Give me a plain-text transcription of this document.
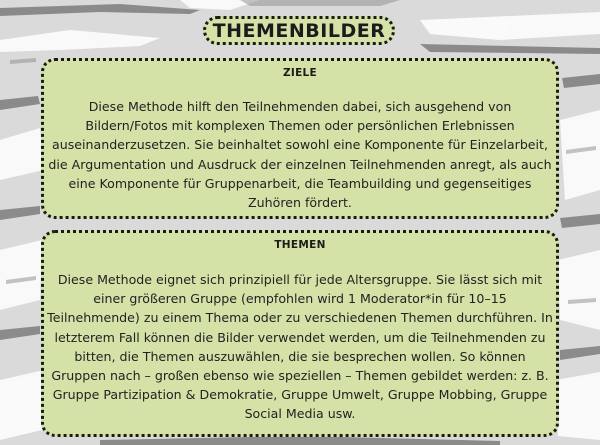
THEMENBILDER
ZIELE
Diese Methode hilft den Teilnehmenden dabei, sich ausgehend von Bildern/Fotos mit komplexen Themen oder persönlichen Erlebnissen auseinanderzusetzen. Sie beinhaltet sowohl eine Komponente für Einzelarbeit, die Argumentation und Ausdruck der einzelnen Teilnehmenden anregt, als auch eine Komponente für Gruppenarbeit, die Teambuilding und gegenseitiges Zuhören fördert.
THEMEN
Diese Methode eignet sich prinzipiell für jede Altersgruppe. Sie lässt sich mit einer größeren Gruppe (empfohlen wird 1 Moderator*in für 10–15 Teilnehmende) zu einem Thema oder zu verschiedenen Themen durchführen. In letzterem Fall können die Bilder verwendet werden, um die Teilnehmenden zu bitten, die Themen auszuwählen, die sie besprechen wollen. So können Gruppen nach – großen ebenso wie speziellen – Themen gebildet werden: z. B. Gruppe Partizipation & Demokratie, Gruppe Umwelt, Gruppe Mobbing, Gruppe Social Media usw.
